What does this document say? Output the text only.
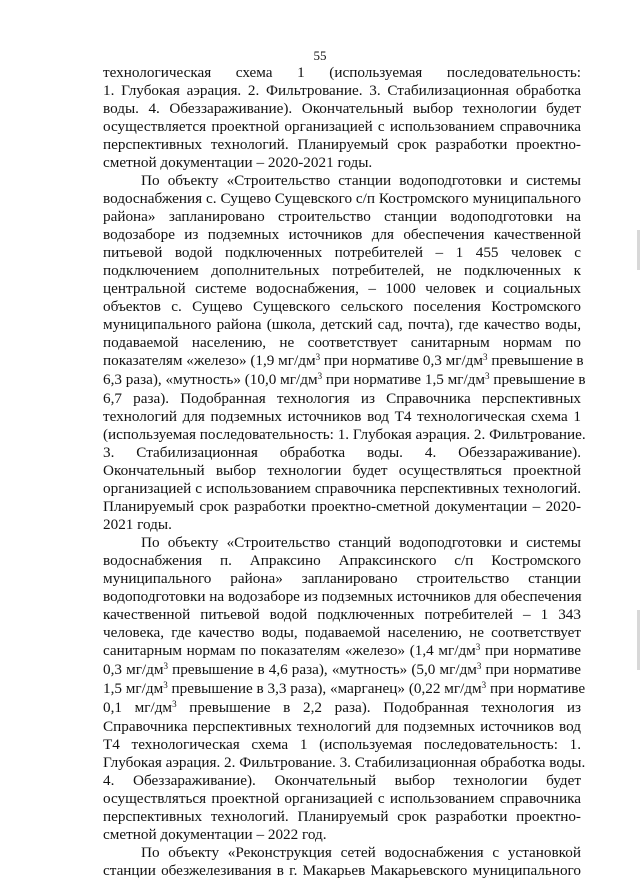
55
технологическая схема 1 (используемая последовательность:
1. Глубокая аэрация. 2. Фильтрование. 3. Стабилизационная обработка
воды. 4. Обеззараживание). Окончательный выбор технологии будет
осуществляется проектной организацией с использованием справочника
перспективных технологий. Планируемый срок разработки проектно-
сметной документации – 2020-2021 годы.
По объекту «Строительство станции водоподготовки и системы
водоснабжения с. Сущево Сущевского с/п Костромского муниципального
района» запланировано строительство станции водоподготовки на
водозаборе из подземных источников для обеспечения качественной
питьевой водой подключенных потребителей – 1 455 человек с
подключением дополнительных потребителей, не подключенных к
центральной системе водоснабжения, – 1000 человек и социальных
объектов с. Сущево Сущевского сельского поселения Костромского
муниципального района (школа, детский сад, почта), где качество воды,
подаваемой населению, не соответствует санитарным нормам по
показателям «железо» (1,9 $мг/дм^3$ при нормативе 0,3 $мг/дм^3$ превышение в
6,3 раза), «мутность» (10,0 $мг/дм^3$ при нормативе 1,5 $мг/дм^3$ превышение в
6,7 раза). Подобранная технология из Справочника перспективных
технологий для подземных источников вод Т4 технологическая схема 1
(используемая последовательность: 1. Глубокая аэрация. 2. Фильтрование.
3. Стабилизационная обработка воды. 4. Обеззараживание).
Окончательный выбор технологии будет осуществляться проектной
организацией с использованием справочника перспективных технологий.
Планируемый срок разработки проектно-сметной документации – 2020-
2021 годы.
По объекту «Строительство станций водоподготовки и системы
водоснабжения п. Апраксино Апраксинского с/п Костромского
муниципального района» запланировано строительство станции
водоподготовки на водозаборе из подземных источников для обеспечения
качественной питьевой водой подключенных потребителей – 1 343
человека, где качество воды, подаваемой населению, не соответствует
санитарным нормам по показателям «железо» (1,4 $мг/дм^3$ при нормативе
0,3 $мг/дм^3$ превышение в 4,6 раза), «мутность» (5,0 $мг/дм^3$ при нормативе
1,5 $мг/дм^3$ превышение в 3,3 раза), «марганец» (0,22 $мг/дм^3$ при нормативе
0,1 $мг/дм^3$ превышение в 2,2 раза). Подобранная технология из
Справочника перспективных технологий для подземных источников вод
Т4 технологическая схема 1 (используемая последовательность: 1.
Глубокая аэрация. 2. Фильтрование. 3. Стабилизационная обработка воды.
4. Обеззараживание). Окончательный выбор технологии будет
осуществляться проектной организацией с использованием справочника
перспективных технологий. Планируемый срок разработки проектно-
сметной документации – 2022 год.
По объекту «Реконструкция сетей водоснабжения с установкой
станции обезжелезивания в г. Макарьев Макарьевского муниципального
